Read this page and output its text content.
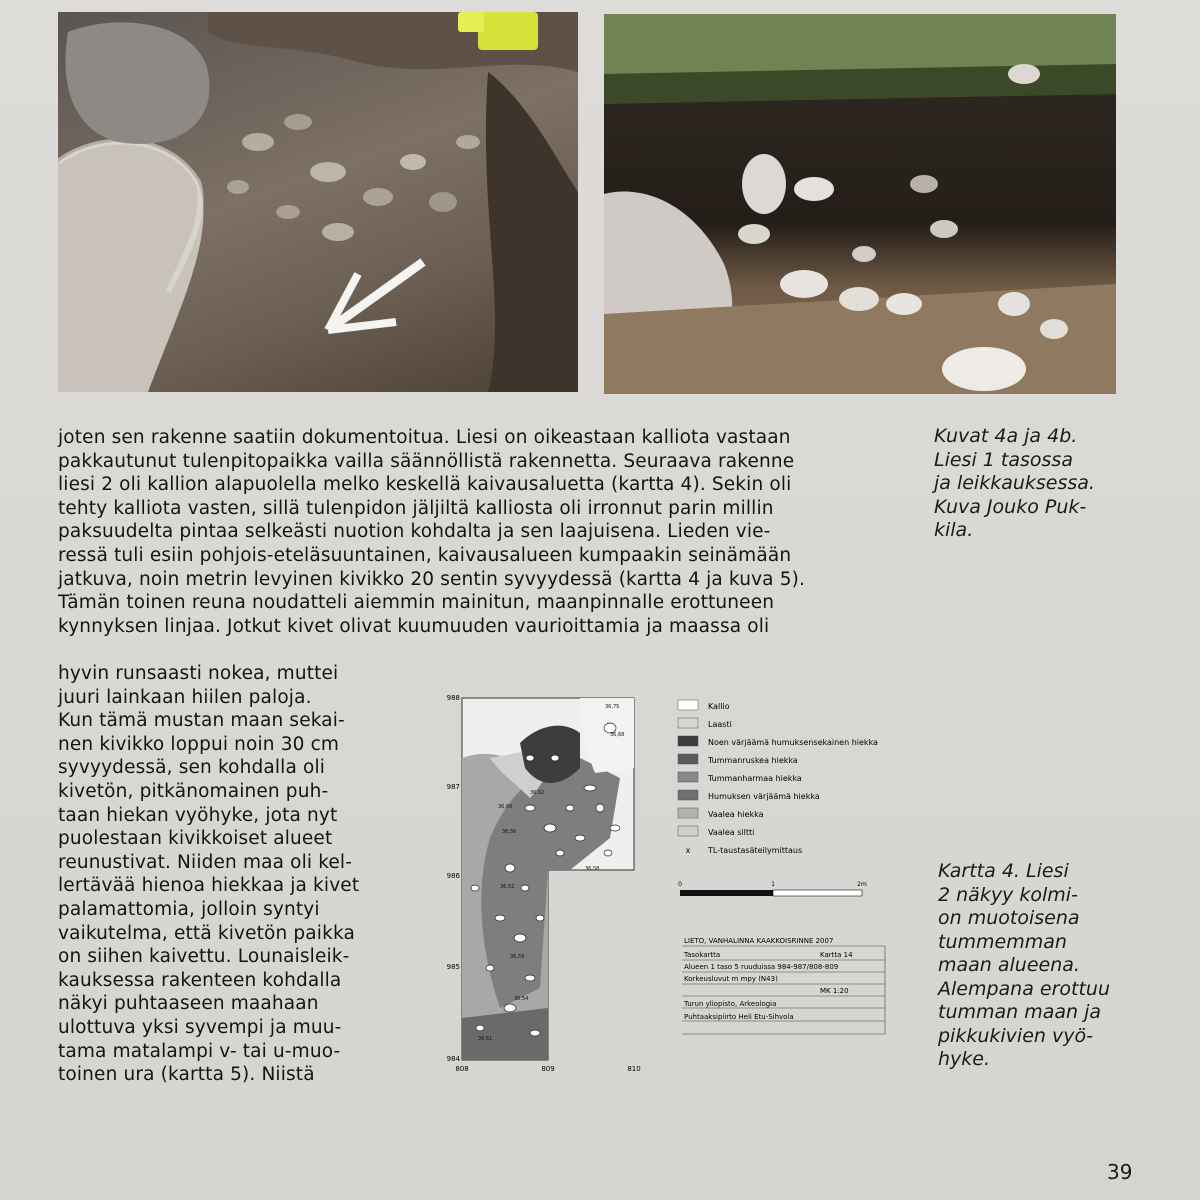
joten sen rakenne saatiin dokumentoitua. Liesi on oikeastaan kalliota vastaan
pakkautunut tulenpitopaikka vailla säännöllistä rakennetta. Seuraava rakenne
liesi 2 oli kallion alapuolella melko keskellä kaivausaluetta (kartta 4). Sekin oli
tehty kalliota vasten, sillä tulenpidon jäljiltä kalliosta oli irronnut parin millin
paksuudelta pintaa selkeästi nuotion kohdalta ja sen laajuisena. Lieden vie-
ressä tuli esiin pohjois-eteläsuuntainen, kaivausalueen kumpaakin seinämään
jatkuva, noin metrin levyinen kivikko 20 sentin syvyydessä (kartta 4 ja kuva 5).
Tämän toinen reuna noudatteli aiemmin mainitun, maanpinnalle erottuneen
kynnyksen linjaa. Jotkut kivet olivat kuumuuden vaurioittamia ja maassa oli
hyvin runsaasti nokea, muttei
juuri lainkaan hiilen paloja.
Kun tämä mustan maan sekai-
nen kivikko loppui noin 30 cm
syvyydessä, sen kohdalla oli
kivetön, pitkänomainen puh-
taan hiekan vyöhyke, jota nyt
puolestaan kivikkoiset alueet
reunustivat. Niiden maa oli kel-
lertävää hienoa hiekkaa ja kivet
palamattomia, jolloin syntyi
vaikutelma, että kivetön paikka
on siihen kaivettu. Lounaisleik-
kauksessa rakenteen kohdalla
näkyi puhtaaseen maahaan
ulottuva yksi syvempi ja muu-
tama matalampi v- tai u-muo-
toinen ura (kartta 5). Niistä
Kuvat 4a ja 4b.
Liesi 1 tasossa
ja leikkauksessa.
Kuva Jouko Puk-
kila.
Kartta 4. Liesi
2 näkyy kolmi-
on muotoisena
tummemman
maan alueena.
Alempana erottuu
tumman maan ja
pikkukivien vyö-
hyke.
988
987
986
985
984
808	809	810
36,75
36,68
36,62
36,60
36,56
36,52
36,58
36,59
36,54
36,51
Kallio
Laasti
Noen värjäämä humuksensekainen hiekka
Tummanruskea hiekka
Tummanharmaa hiekka
Humuksen värjäämä hiekka
Vaalea hiekka
Vaalea siltti
x TL-taustasäteilymittaus
0	1	2m
LIETO, VANHALINNA KAAKKOISRINNE 2007
Tasokartta	Kartta 14
Alueen 1 taso 5 ruuduissa 984-987/808-809
Korkeusluvut m mpy (N43)
MK 1:20
Turun yliopisto, Arkeologia
Puhtaaksipiirto Heli Etu-Sihvola
39
